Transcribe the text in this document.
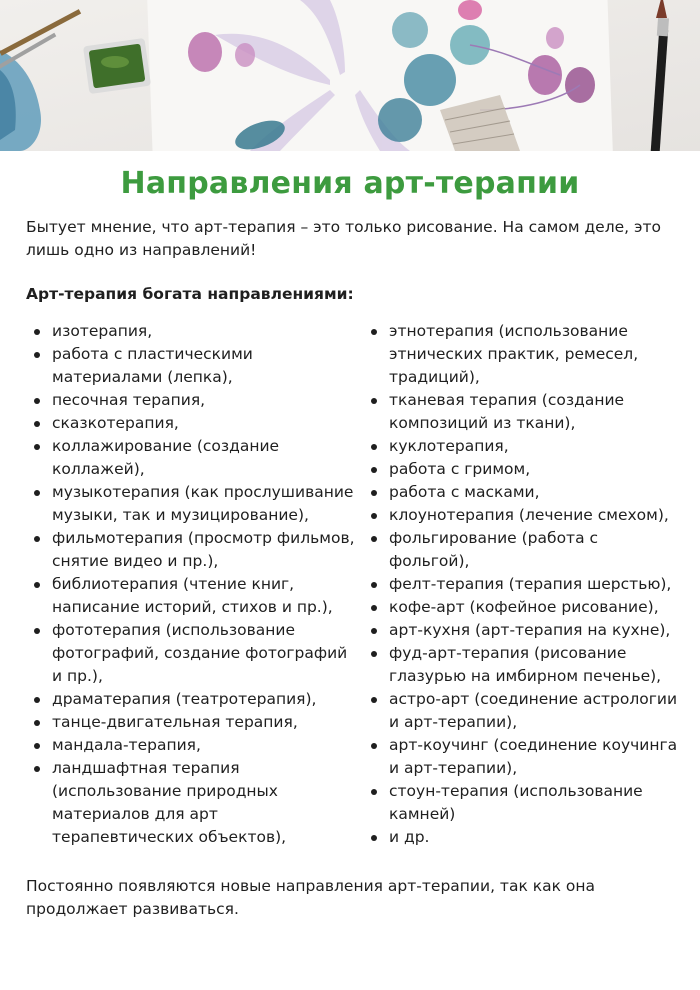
Направления арт-терапии

Бытует мнение, что арт-терапия – это только рисование. На самом деле, это лишь одно из направлений!

Арт-терапия богата направлениями:

изотерапия,
работа с пластическими материалами (лепка),
песочная терапия,
сказкотерапия,
коллажирование (создание коллажей),
музыкотерапия (как прослушивание музыки, так и музицирование),
фильмотерапия (просмотр фильмов, снятие видео и пр.),
библиотерапия (чтение книг, написание историй, стихов и пр.),
фототерапия (использование фотографий, создание фотографий и пр.),
драматерапия (театротерапия),
танце-двигательная терапия,
мандала-терапия,
ландшафтная терапия (использование природных материалов для арт терапевтических объектов),
этнотерапия (использование этнических практик, ремесел, традиций),
тканевая терапия (создание композиций из ткани),
куклотерапия,
работа с гримом,
работа с масками,
клоунотерапия (лечение смехом),
фольгирование (работа с фольгой),
фелт-терапия (терапия шерстью),
кофе-арт (кофейное рисование),
арт-кухня (арт-терапия на кухне),
фуд-арт-терапия (рисование глазурью на имбирном печенье),
астро-арт (соединение астрологии и арт-терапии),
арт-коучинг (соединение коучинга и арт-терапии),
стоун-терапия (использование камней)
и др.

Постоянно появляются новые направления арт-терапии, так как она продолжает развиваться.
